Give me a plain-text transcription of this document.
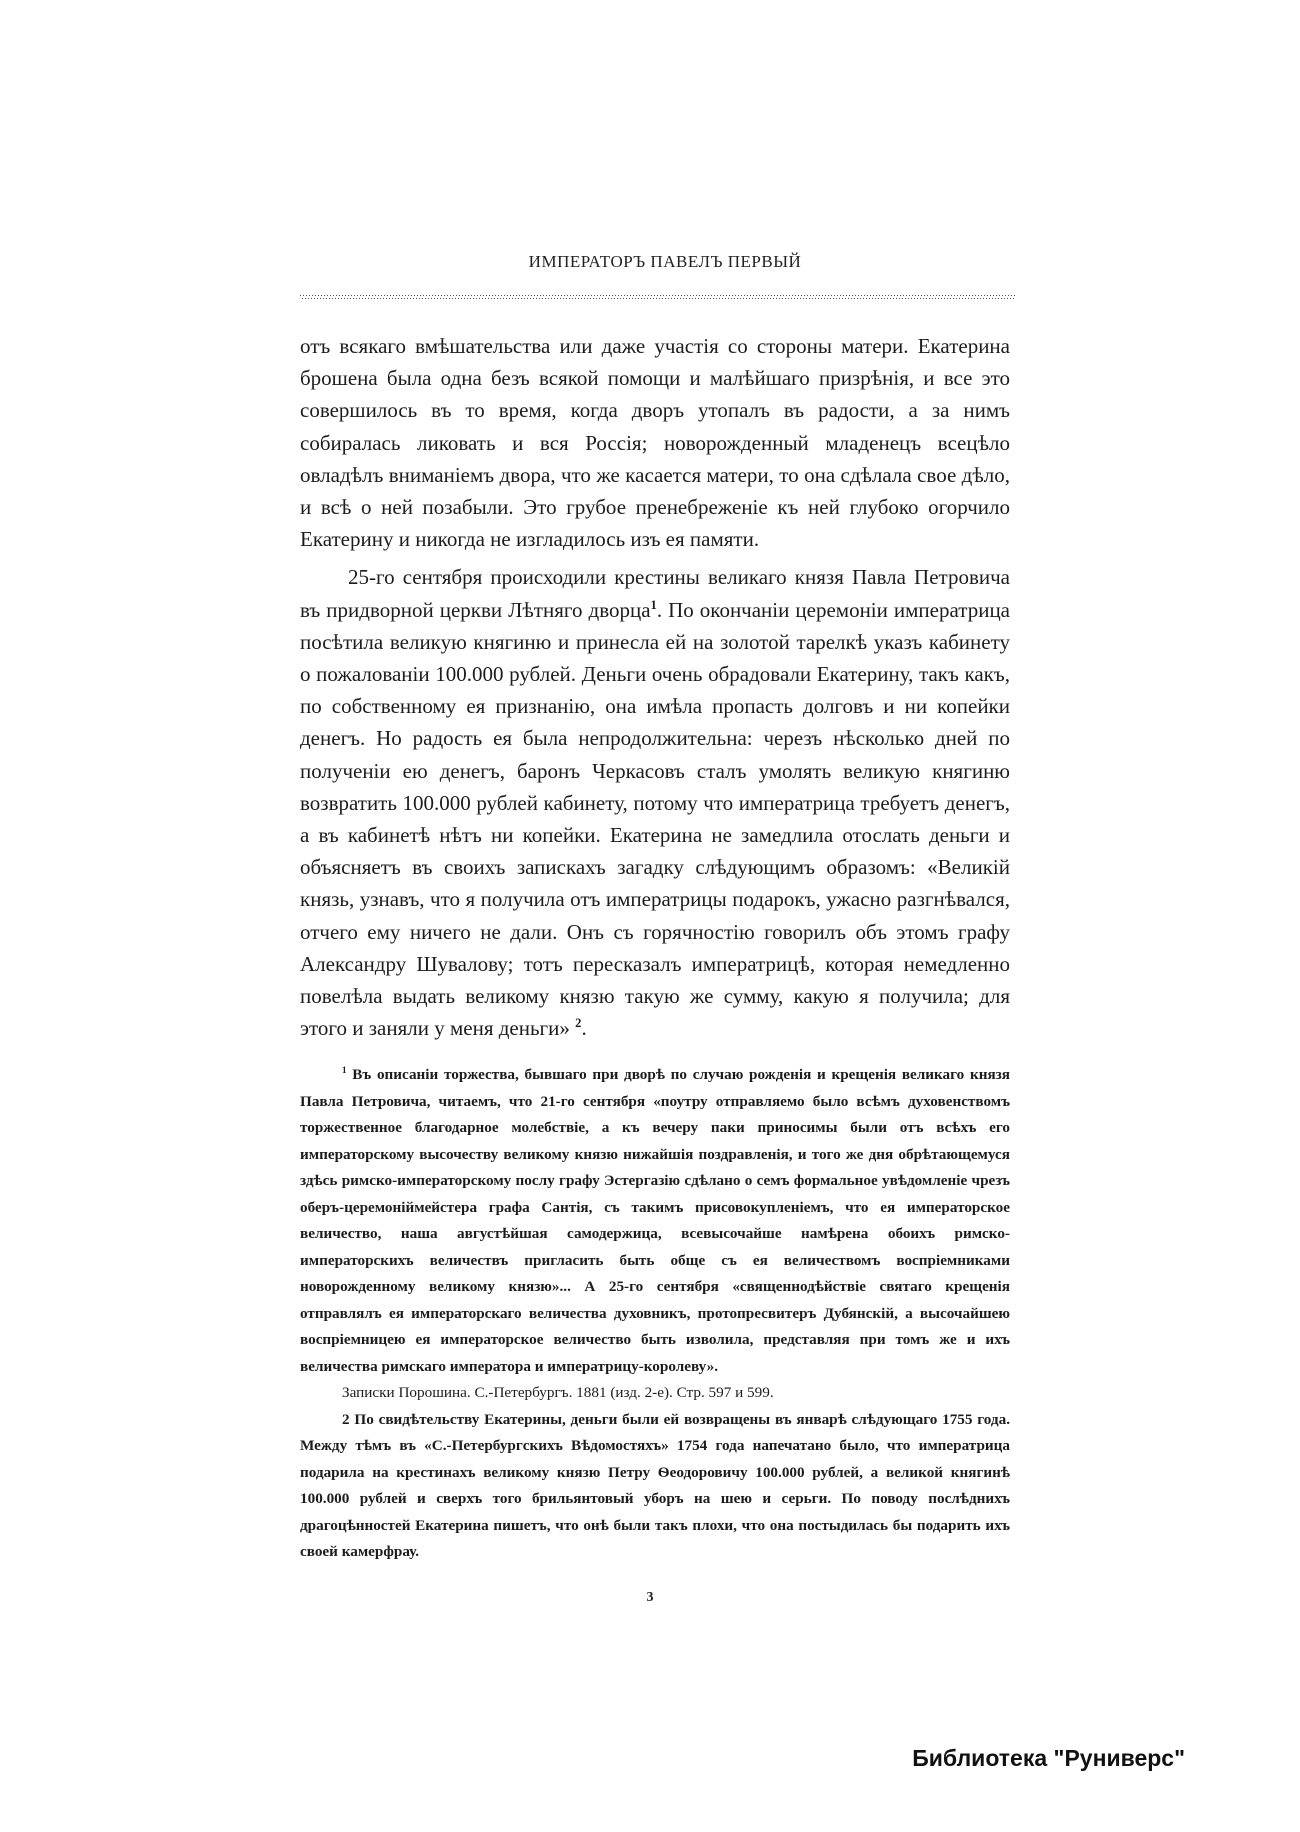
ИМПЕРАТОРЪ ПАВЕЛЪ ПЕРВЫЙ

отъ всякаго вмѣшательства или даже участія со стороны матери. Екатерина брошена была одна безъ всякой помощи и малѣйшаго призрѣнія, и все это совершилось въ то время, когда дворъ утопалъ въ радости, а за нимъ собиралась ликовать и вся Россія; новорожденный младенецъ всецѣло овладѣлъ вниманіемъ двора, что же касается матери, то она сдѣлала свое дѣло, и всѣ о ней позабыли. Это грубое пренебреженіе къ ней глубоко огорчило Екатерину и никогда не изгладилось изъ ея памяти.

25-го сентября происходили крестины великаго князя Павла Петровича въ придворной церкви Лѣтняго дворца$^1$. По окончаніи церемоніи императрица посѣтила великую княгиню и принесла ей на золотой тарелкѣ указъ кабинету о пожалованіи 100.000 рублей. Деньги очень обрадовали Екатерину, такъ какъ, по собственному ея признанію, она имѣла пропасть долговъ и ни копейки денегъ. Но радость ея была непродолжительна: черезъ нѣсколько дней по полученіи ею денегъ, баронъ Черкасовъ сталъ умолять великую княгиню возвратить 100.000 рублей кабинету, потому что императрица требуетъ денегъ, а въ кабинетѣ нѣтъ ни копейки. Екатерина не замедлила отослать деньги и объясняетъ въ своихъ запискахъ загадку слѣдующимъ образомъ: «Великій князь, узнавъ, что я получила отъ императрицы подарокъ, ужасно разгнѣвался, отчего ему ничего не дали. Онъ съ горячностію говорилъ объ этомъ графу Александру Шувалову; тотъ пересказалъ императрицѣ, которая немедленно повелѣла выдать великому князю такую же сумму, какую я получила; для этого и заняли у меня деньги» $^2$.

$^1$ Въ описаніи торжества, бывшаго при дворѣ по случаю рожденія и крещенія великаго князя Павла Петровича, читаемъ, что 21-го сентября «поутру отправляемо было всѣмъ духовенствомъ торжественное благодарное молебствіе, а къ вечеру паки приносимы были отъ всѣхъ его императорскому высочеству великому князю нижайшія поздравленія, и того же дня обрѣтающемуся здѣсь римско-императорскому послу графу Эстергазію сдѣлано о семъ формальное увѣдомленіе чрезъ оберъ-церемоніймейстера графа Сантія, съ такимъ присовокупленіемъ, что ея императорское величество, наша августѣйшая самодержица, всевысочайше намѣрена обоихъ римско-императорскихъ величествъ пригласить быть обще съ ея величествомъ воспріемниками новорожденному великому князю»... А 25-го сентября «священнодѣйствіе святаго крещенія отправлялъ ея императорскаго величества духовникъ, протопресвитеръ Дубянскій, а высочайшею воспріемницею ея императорское величество быть изволила, представляя при томъ же и ихъ величества римскаго императора и императрицу-королеву».

Записки Порошина. С.-Петербургъ. 1881 (изд. 2-е). Стр. 597 и 599.

2 По свидѣтельству Екатерины, деньги были ей возвращены въ январѣ слѣдующаго 1755 года. Между тѣмъ въ «С.-Петербургскихъ Вѣдомостяхъ» 1754 года напечатано было, что императрица подарила на крестинахъ великому князю Петру Ѳеодоровичу 100.000 рублей, а великой княгинѣ 100.000 рублей и сверхъ того брильянтовый уборъ на шею и серьги. По поводу послѣднихъ драгоцѣнностей Екатерина пишетъ, что онѣ были такъ плохи, что она постыдилась бы подарить ихъ своей камерфрау.

3
Библиотека "Руниверс"
